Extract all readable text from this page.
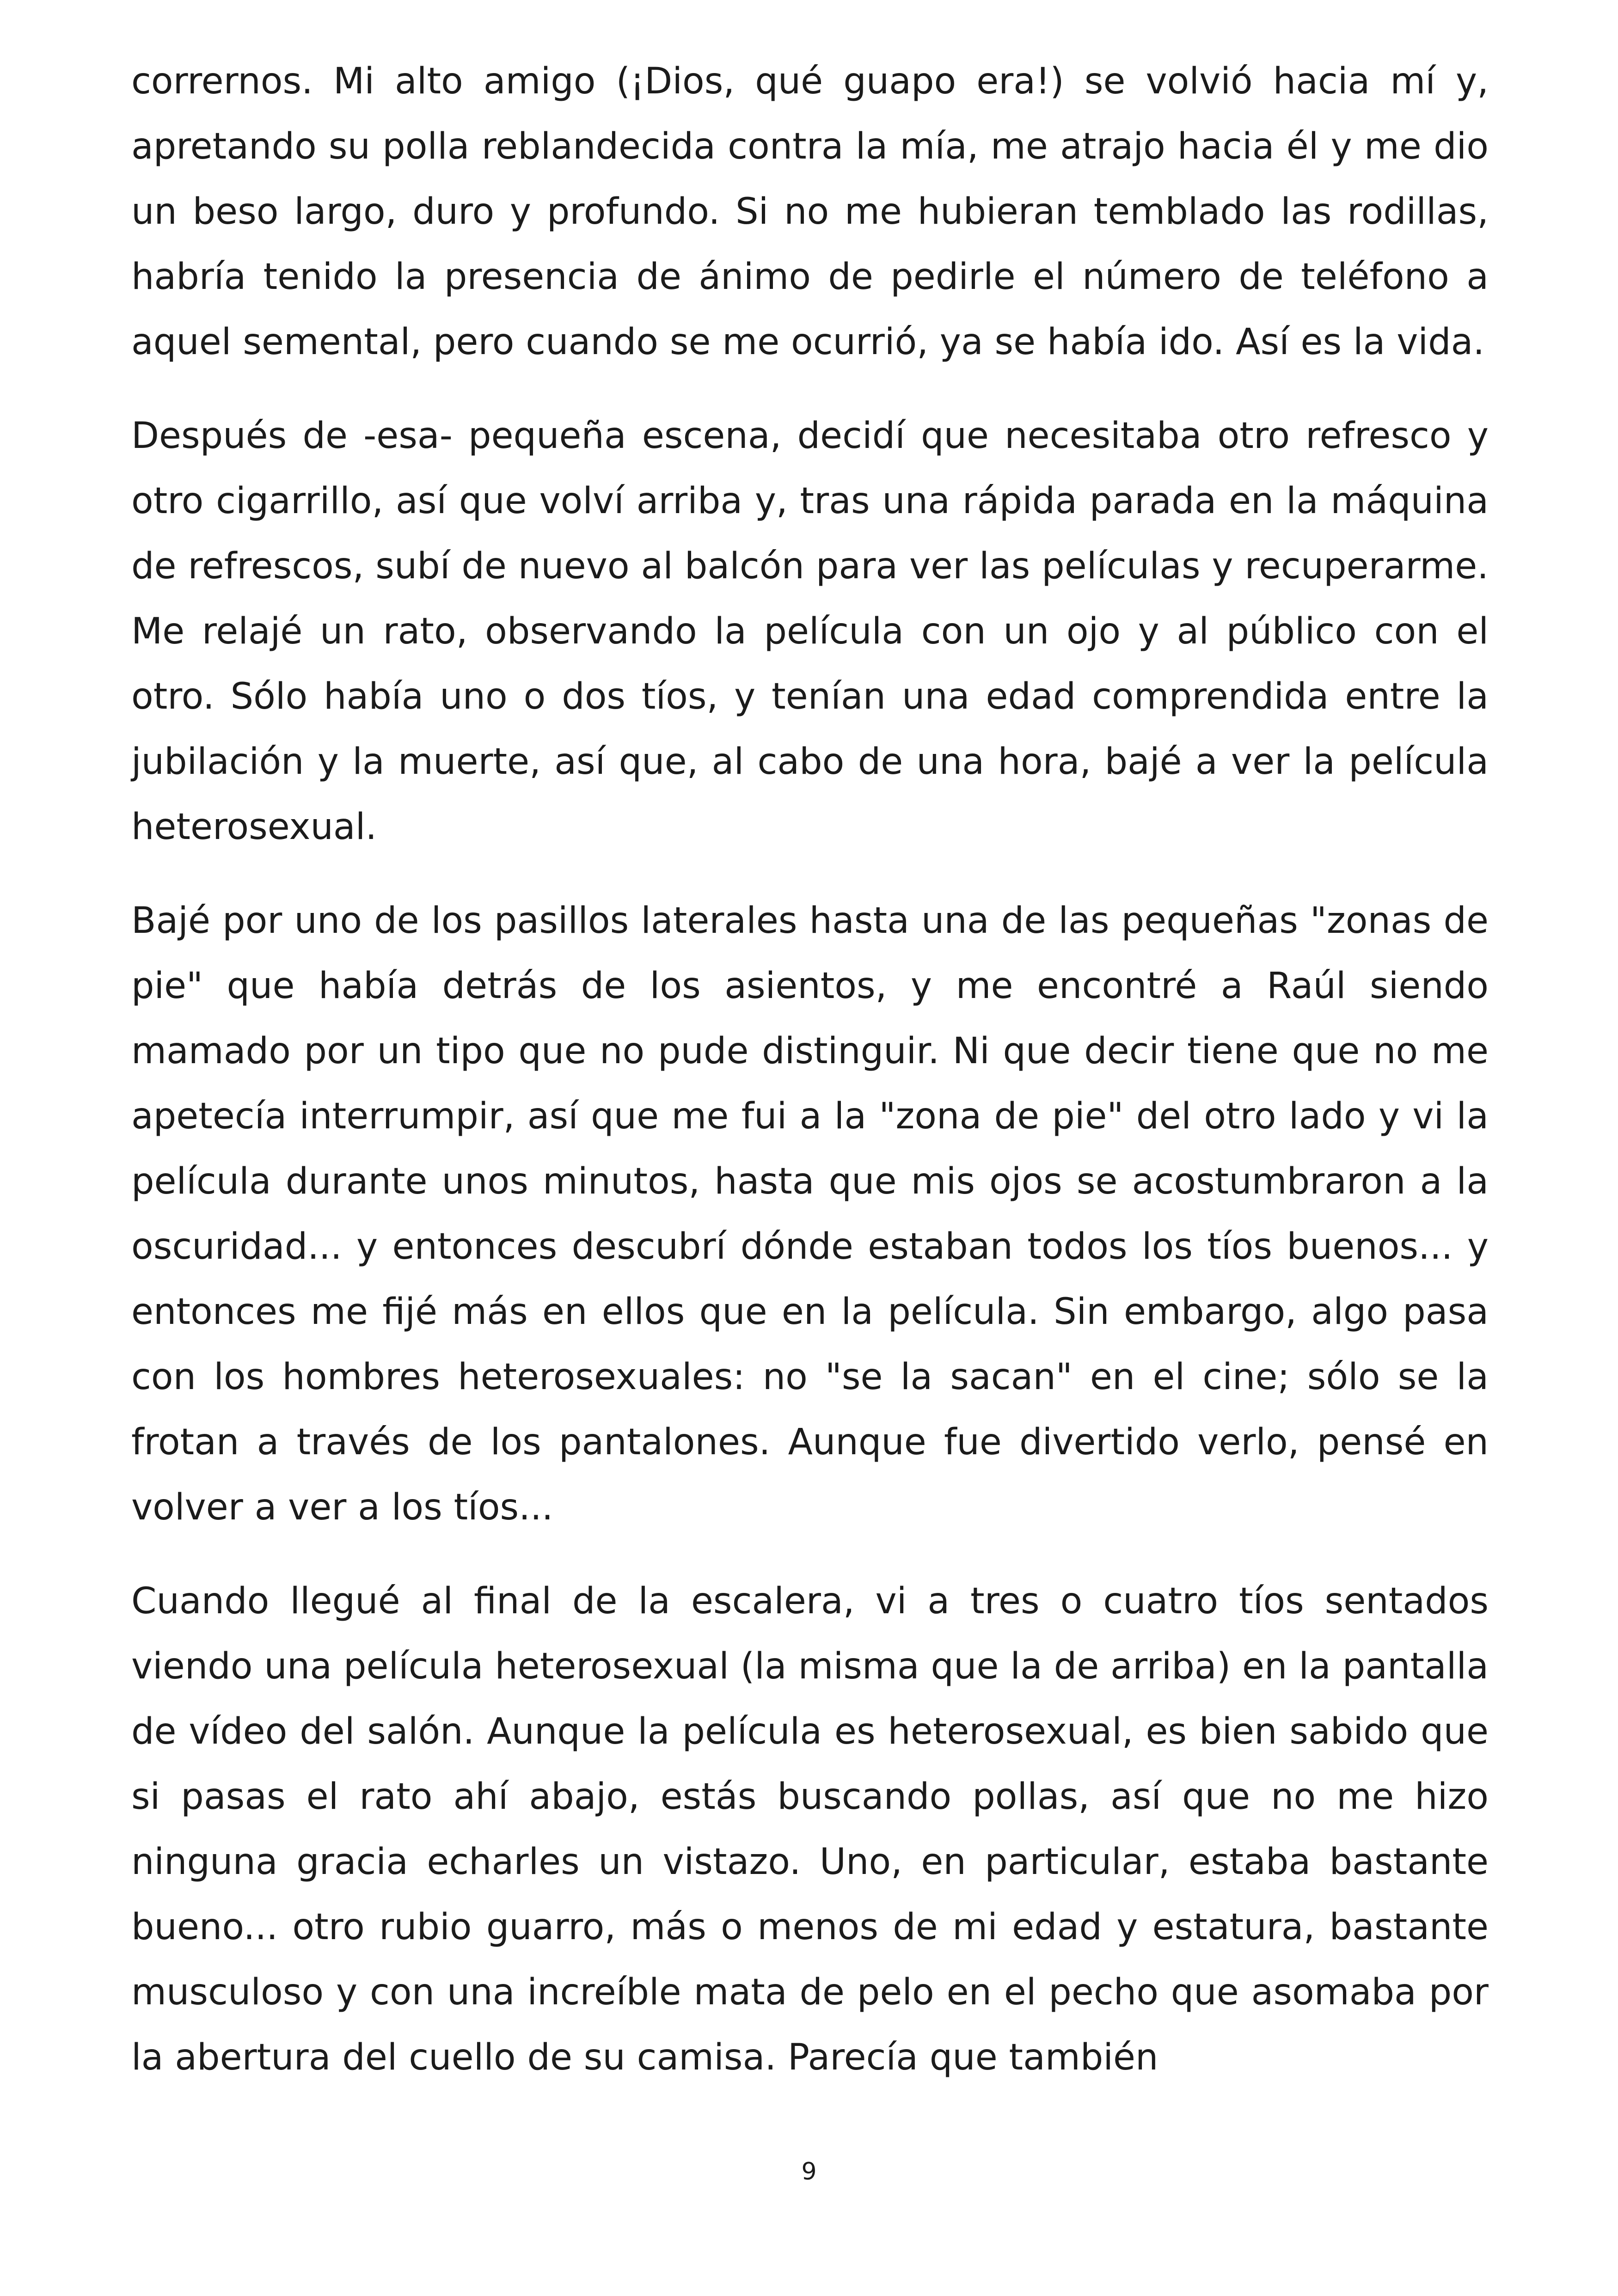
corrernos. Mi alto amigo (¡Dios, qué guapo era!) se volvió hacia mí y, apretando su polla reblandecida contra la mía, me atrajo hacia él y me dio un beso largo, duro y profundo. Si no me hubieran temblado las rodillas, habría tenido la presencia de ánimo de pedirle el número de teléfono a aquel semental, pero cuando se me ocurrió, ya se había ido. Así es la vida.

Después de -esa- pequeña escena, decidí que necesitaba otro refresco y otro cigarrillo, así que volví arriba y, tras una rápida parada en la máquina de refrescos, subí de nuevo al balcón para ver las películas y recuperarme. Me relajé un rato, observando la película con un ojo y al público con el otro. Sólo había uno o dos tíos, y tenían una edad comprendida entre la jubilación y la muerte, así que, al cabo de una hora, bajé a ver la película heterosexual.

Bajé por uno de los pasillos laterales hasta una de las pequeñas "zonas de pie" que había detrás de los asientos, y me encontré a Raúl siendo mamado por un tipo que no pude distinguir. Ni que decir tiene que no me apetecía interrumpir, así que me fui a la "zona de pie" del otro lado y vi la película durante unos minutos, hasta que mis ojos se acostumbraron a la oscuridad... y entonces descubrí dónde estaban todos los tíos buenos... y entonces me fijé más en ellos que en la película. Sin embargo, algo pasa con los hombres heterosexuales: no "se la sacan" en el cine; sólo se la frotan a través de los pantalones. Aunque fue divertido verlo, pensé en volver a ver a los tíos...

Cuando llegué al final de la escalera, vi a tres o cuatro tíos sentados viendo una película heterosexual (la misma que la de arriba) en la pantalla de vídeo del salón. Aunque la película es heterosexual, es bien sabido que si pasas el rato ahí abajo, estás buscando pollas, así que no me hizo ninguna gracia echarles un vistazo. Uno, en particular, estaba bastante bueno... otro rubio guarro, más o menos de mi edad y estatura, bastante musculoso y con una increíble mata de pelo en el pecho que asomaba por la abertura del cuello de su camisa. Parecía que también

9
